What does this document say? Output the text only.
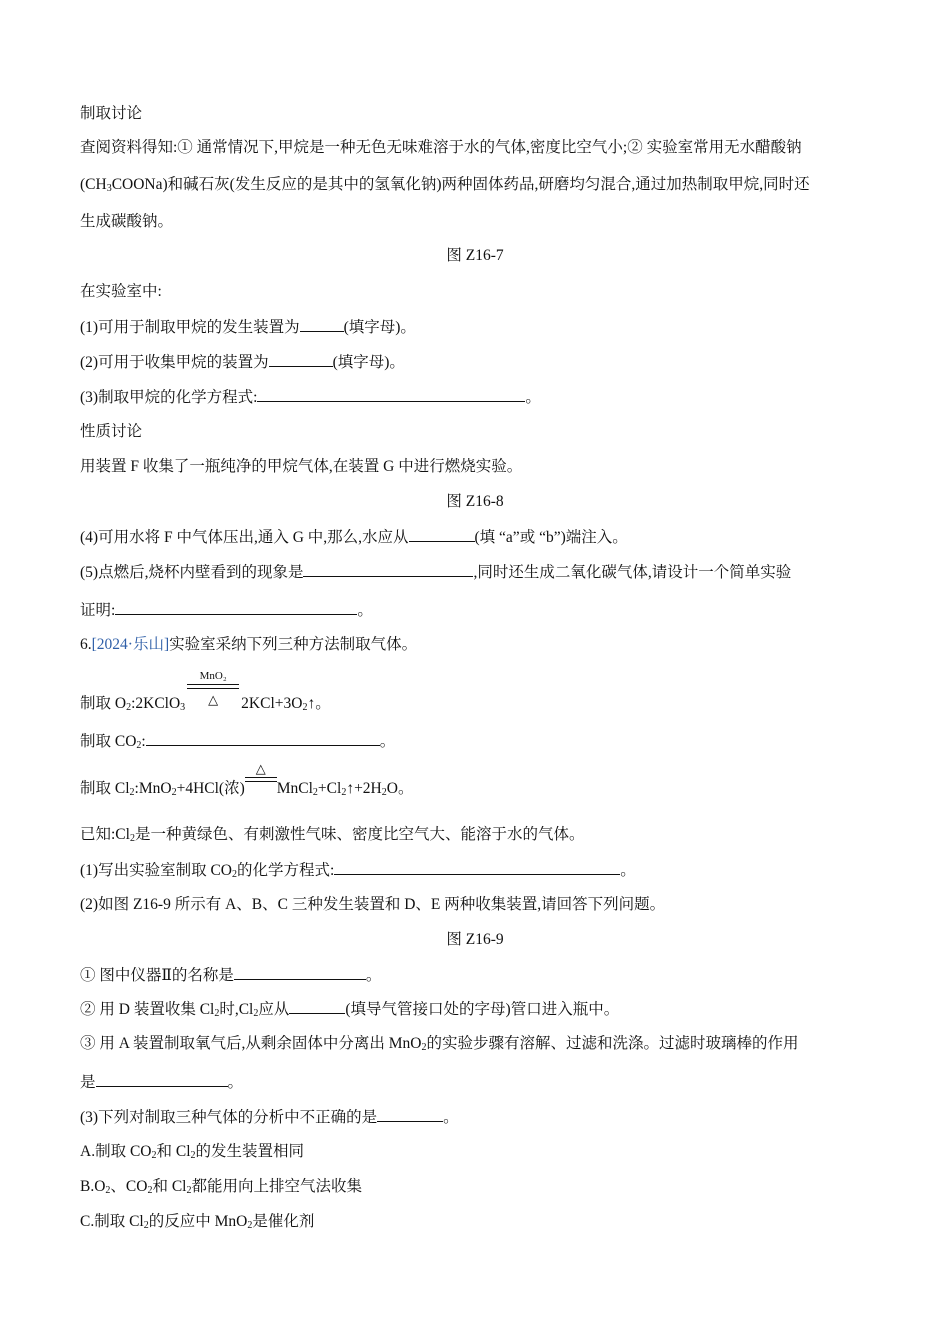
制取讨论
查阅资料得知:① 通常情况下,甲烷是一种无色无味难溶于水的气体,密度比空气小;② 实验室常用无水醋酸钠
$(CH_3COONa)$和碱石灰(发生反应的是其中的氢氧化钠)两种固体药品,研磨均匀混合,通过加热制取甲烷,同时还
生成碳酸钠。
图 Z16-7
在实验室中:
(1)可用于制取甲烷的发生装置为	(填字母)。
(2)可用于收集甲烷的装置为	(填字母)。
(3)制取甲烷的化学方程式:	。
性质讨论
用装置 F 收集了一瓶纯净的甲烷气体,在装置 G 中进行燃烧实验。
图 Z16-8
(4)可用水将 F 中气体压出,通入 G 中,那么,水应从	(填 “a”或 “b”)端注入。
(5)点燃后,烧杯内壁看到的现象是	,同时还生成二氧化碳气体,请设计一个简单实验
证明:	。
6.[2024·乐山]实验室采纳下列三种方法制取气体。
制取 $O_2:2KClO_3$
MnO₂
△	$2KCl+3O_2↑$。
制取 $CO_2$:	。
制取 $Cl_2:MnO_2+4HCl$(浓)
△
$MnCl_2+Cl_2↑+2H_2O$。
已知$:Cl_2$是一种黄绿色、有刺激性气味、密度比空气大、能溶于水的气体。
(1)写出实验室制取 $CO_2$的化学方程式:	。
(2)如图 Z16-9 所示有 A、B、C 三种发生装置和 D、E 两种收集装置,请回答下列问题。
图 Z16-9
① 图中仪器Ⅱ的名称是	。
② 用 D 装置收集 $Cl_2$时$,Cl_2$应从	(填导气管接口处的字母)管口进入瓶中。
③ 用 A 装置制取氧气后,从剩余固体中分离出 MnO$_2$的实验步骤有溶解、过滤和洗涤。过滤时玻璃棒的作用
是	。
(3)下列对制取三种气体的分析中不正确的是	。
A.制取 $CO_2$和 $Cl_2$的发生装置相同
$B.O_2$、$CO_2$和 $Cl_2$都能用向上排空气法收集
C.制取 $Cl_2$的反应中 MnO$_2$是催化剂
